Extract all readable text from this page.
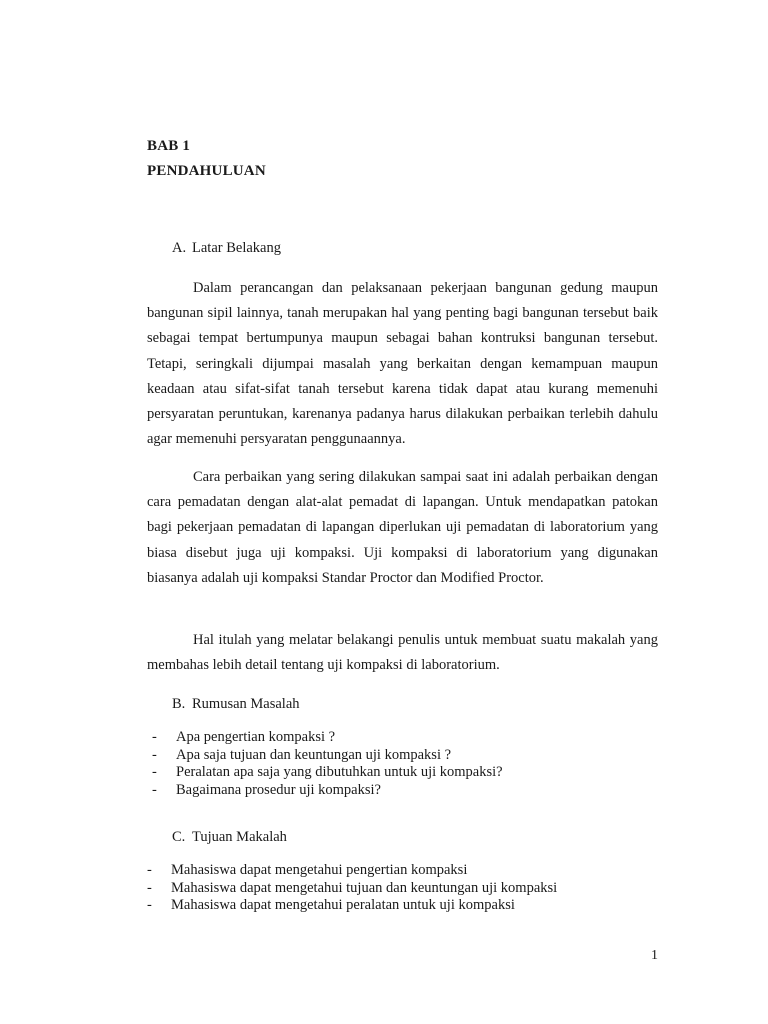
BAB 1
PENDAHULUAN
A. Latar Belakang

Dalam perancangan dan pelaksanaan pekerjaan bangunan gedung maupun bangunan sipil lainnya, tanah merupakan hal yang penting bagi bangunan tersebut baik sebagai tempat bertumpunya maupun sebagai bahan kontruksi bangunan tersebut. Tetapi, seringkali dijumpai masalah yang berkaitan dengan kemampuan maupun keadaan atau sifat-sifat tanah tersebut karena tidak dapat atau kurang memenuhi persyaratan peruntukan, karenanya padanya harus dilakukan perbaikan terlebih dahulu agar memenuhi persyaratan penggunaannya.

Cara perbaikan yang sering dilakukan sampai saat ini adalah perbaikan dengan cara pemadatan dengan alat-alat pemadat di lapangan. Untuk mendapatkan patokan bagi pekerjaan pemadatan di lapangan diperlukan uji pemadatan di laboratorium yang biasa disebut juga uji kompaksi. Uji kompaksi di laboratorium yang digunakan biasanya adalah uji kompaksi Standar Proctor dan Modified Proctor.

Hal itulah yang melatar belakangi penulis untuk membuat suatu makalah yang membahas lebih detail tentang uji kompaksi di laboratorium.

B. Rumusan Masalah
- Apa pengertian kompaksi ?
- Apa saja tujuan dan keuntungan uji kompaksi ?
- Peralatan apa saja yang dibutuhkan untuk uji kompaksi?
- Bagaimana prosedur uji kompaksi?
C. Tujuan Makalah
- Mahasiswa dapat mengetahui pengertian kompaksi
- Mahasiswa dapat mengetahui tujuan dan keuntungan uji kompaksi
- Mahasiswa dapat mengetahui peralatan untuk uji kompaksi
1
